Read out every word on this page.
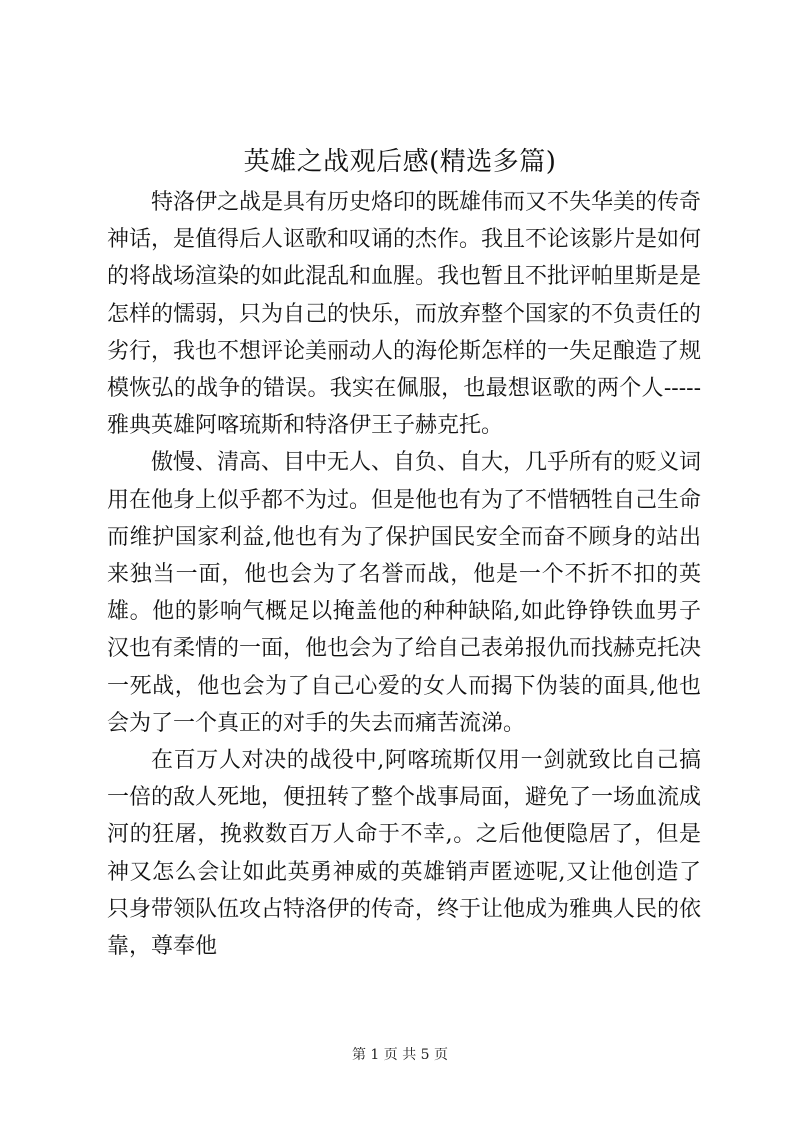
英雄之战观后感(精选多篇)

特洛伊之战是具有历史烙印的既雄伟而又不失华美的传奇神话，是值得后人讴歌和叹诵的杰作。我且不论该影片是如何的将战场渲染的如此混乱和血腥。我也暂且不批评帕里斯是是怎样的懦弱，只为自己的快乐，而放弃整个国家的不负责任的劣行，我也不想评论美丽动人的海伦斯怎样的一失足酿造了规模恢弘的战争的错误。我实在佩服，也最想讴歌的两个人-----雅典英雄阿喀琉斯和特洛伊王子赫克托。

傲慢、清高、目中无人、自负、自大，几乎所有的贬义词用在他身上似乎都不为过。但是他也有为了不惜牺牲自己生命而维护国家利益,他也有为了保护国民安全而奋不顾身的站出来独当一面，他也会为了名誉而战，他是一个不折不扣的英雄。他的影响气概足以掩盖他的种种缺陷,如此铮铮铁血男子汉也有柔情的一面，他也会为了给自己表弟报仇而找赫克托决一死战，他也会为了自己心爱的女人而揭下伪装的面具,他也会为了一个真正的对手的失去而痛苦流涕。

在百万人对决的战役中,阿喀琉斯仅用一剑就致比自己搞一倍的敌人死地，便扭转了整个战事局面，避免了一场血流成河的狂屠，挽救数百万人命于不幸,。之后他便隐居了，但是神又怎么会让如此英勇神威的英雄销声匿迹呢,又让他创造了只身带领队伍攻占特洛伊的传奇，终于让他成为雅典人民的依靠，尊奉他

第 1 页 共 5 页
